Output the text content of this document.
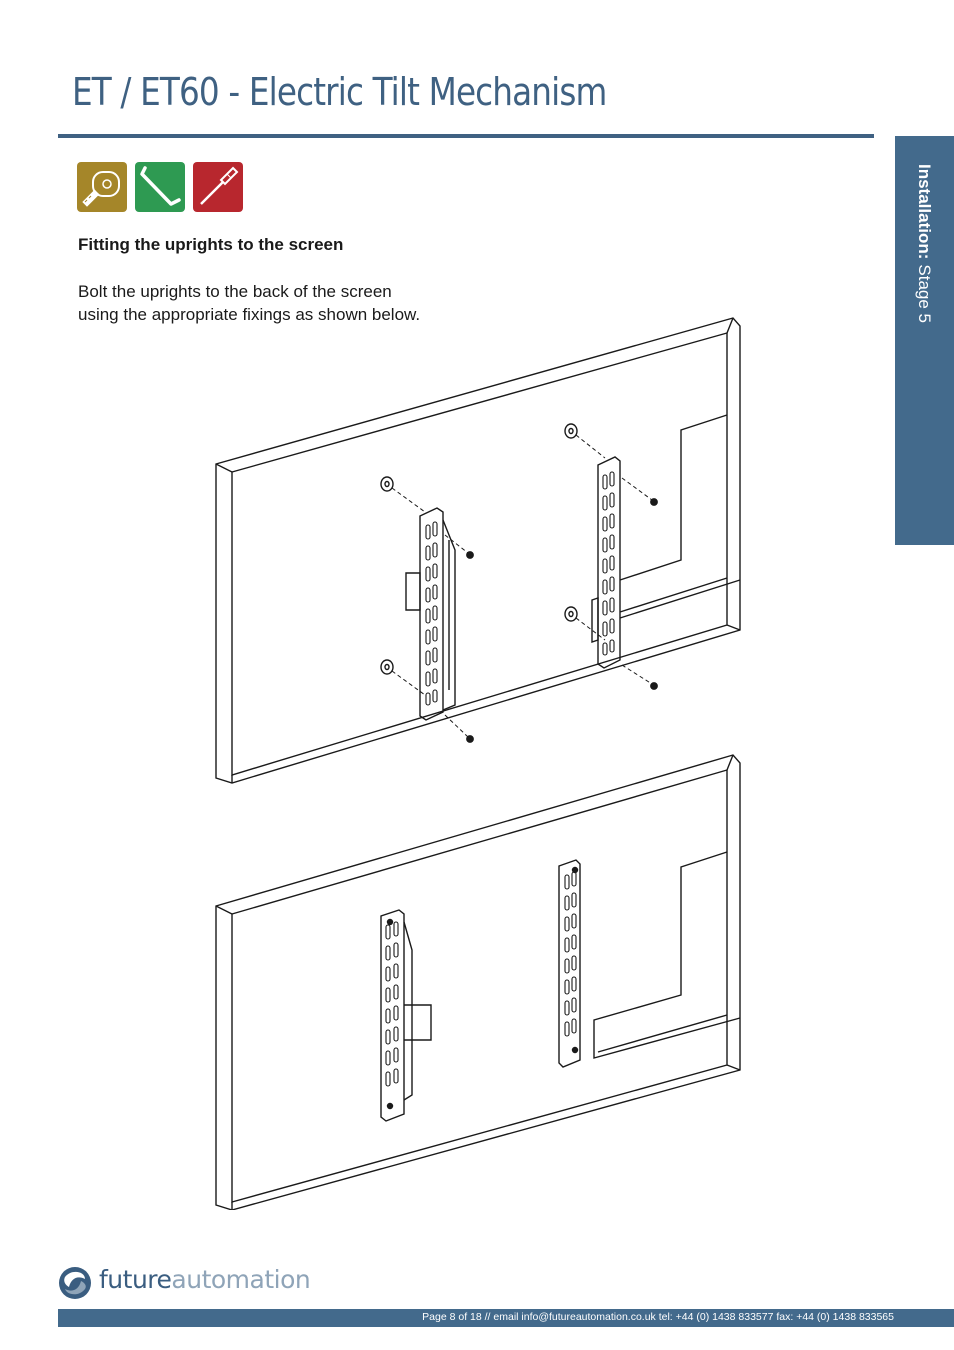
ET / ET60 - Electric Tilt Mechanism
Installation:
Stage 5
Fitting the uprights to the screen

Bolt the uprights to the back of the screen

using the appropriate fixings as shown below.

futureautomation
Page 8 of 18 // email info@futureautomation.co.uk tel: +44 (0) 1438 833577 fax: +44 (0) 1438 833565
